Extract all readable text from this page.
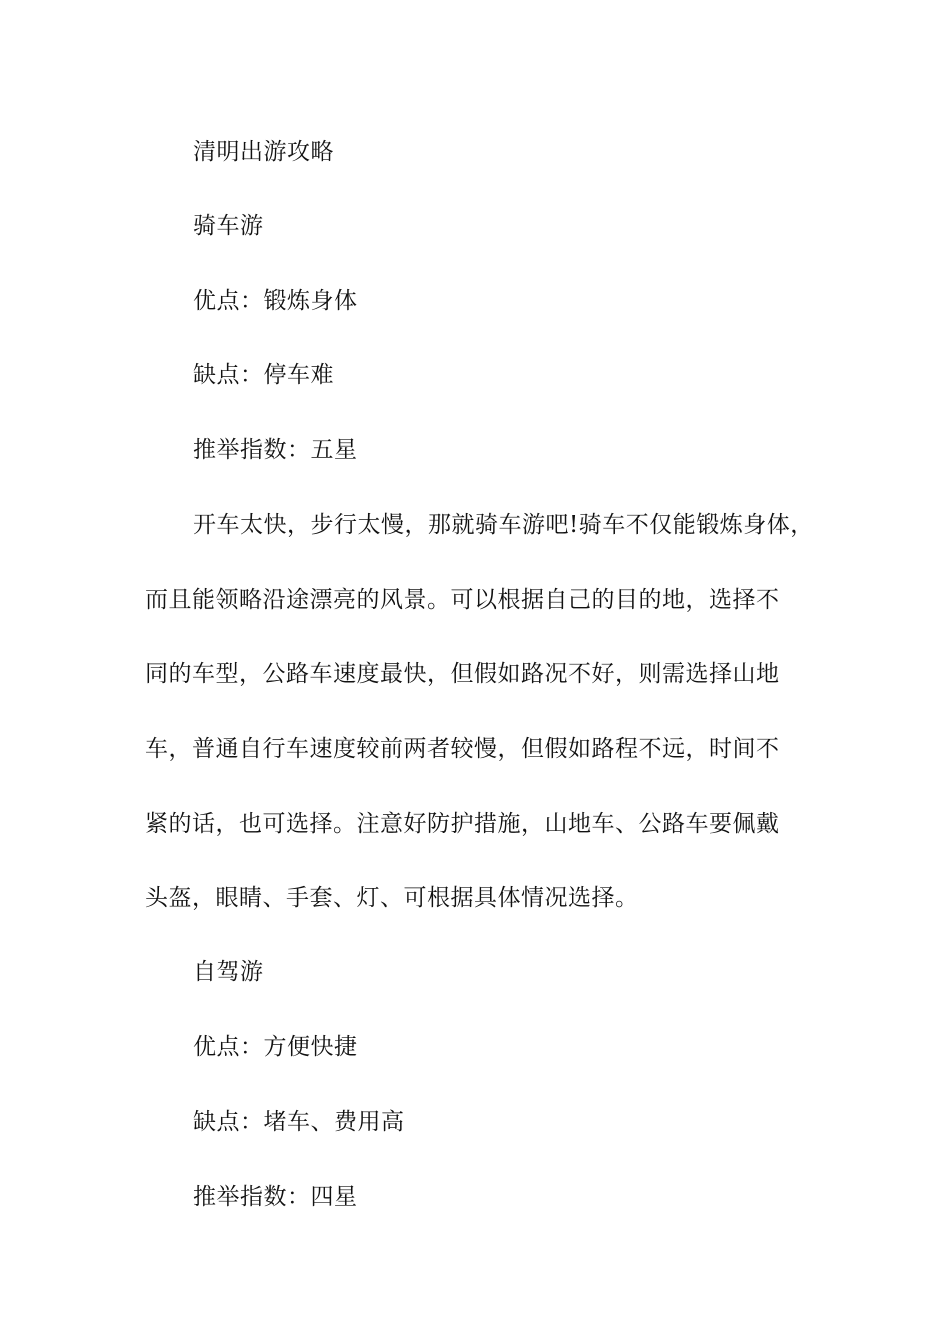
清明出游攻略
骑车游
优点：锻炼身体
缺点：停车难
推举指数：五星
开车太快，步行太慢，那就骑车游吧!骑车不仅能锻炼身体，
而且能领略沿途漂亮的风景。可以根据自己的目的地，选择不
同的车型，公路车速度最快，但假如路况不好，则需选择山地
车，普通自行车速度较前两者较慢，但假如路程不远，时间不
紧的话，也可选择。注意好防护措施，山地车、公路车要佩戴
头盔，眼睛、手套、灯、可根据具体情况选择。
自驾游
优点：方便快捷
缺点：堵车、费用高
推举指数：四星
